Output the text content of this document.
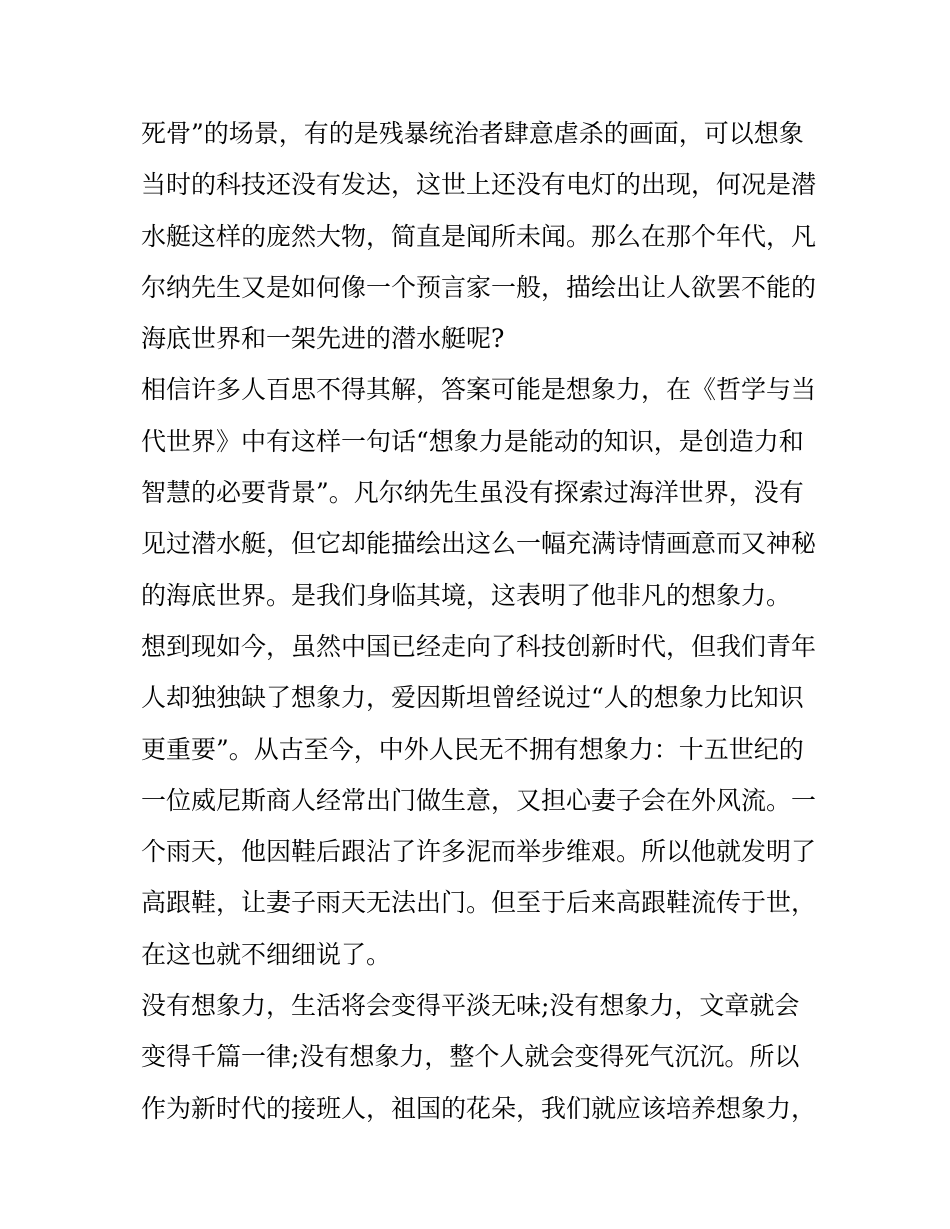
死骨”的场景，有的是残暴统治者肆意虐杀的画面，可以想象
当时的科技还没有发达，这世上还没有电灯的出现，何况是潜
水艇这样的庞然大物，简直是闻所未闻。那么在那个年代，凡
尔纳先生又是如何像一个预言家一般，描绘出让人欲罢不能的
海底世界和一架先进的潜水艇呢?
相信许多人百思不得其解，答案可能是想象力，在《哲学与当
代世界》中有这样一句话“想象力是能动的知识，是创造力和
智慧的必要背景”。凡尔纳先生虽没有探索过海洋世界，没有
见过潜水艇，但它却能描绘出这么一幅充满诗情画意而又神秘
的海底世界。是我们身临其境，这表明了他非凡的想象力。
想到现如今，虽然中国已经走向了科技创新时代，但我们青年
人却独独缺了想象力，爱因斯坦曾经说过“人的想象力比知识
更重要”。从古至今，中外人民无不拥有想象力：十五世纪的
一位威尼斯商人经常出门做生意，又担心妻子会在外风流。一
个雨天，他因鞋后跟沾了许多泥而举步维艰。所以他就发明了
高跟鞋，让妻子雨天无法出门。但至于后来高跟鞋流传于世，
在这也就不细细说了。
没有想象力，生活将会变得平淡无味;没有想象力，文章就会
变得千篇一律;没有想象力，整个人就会变得死气沉沉。所以
作为新时代的接班人，祖国的花朵，我们就应该培养想象力，
